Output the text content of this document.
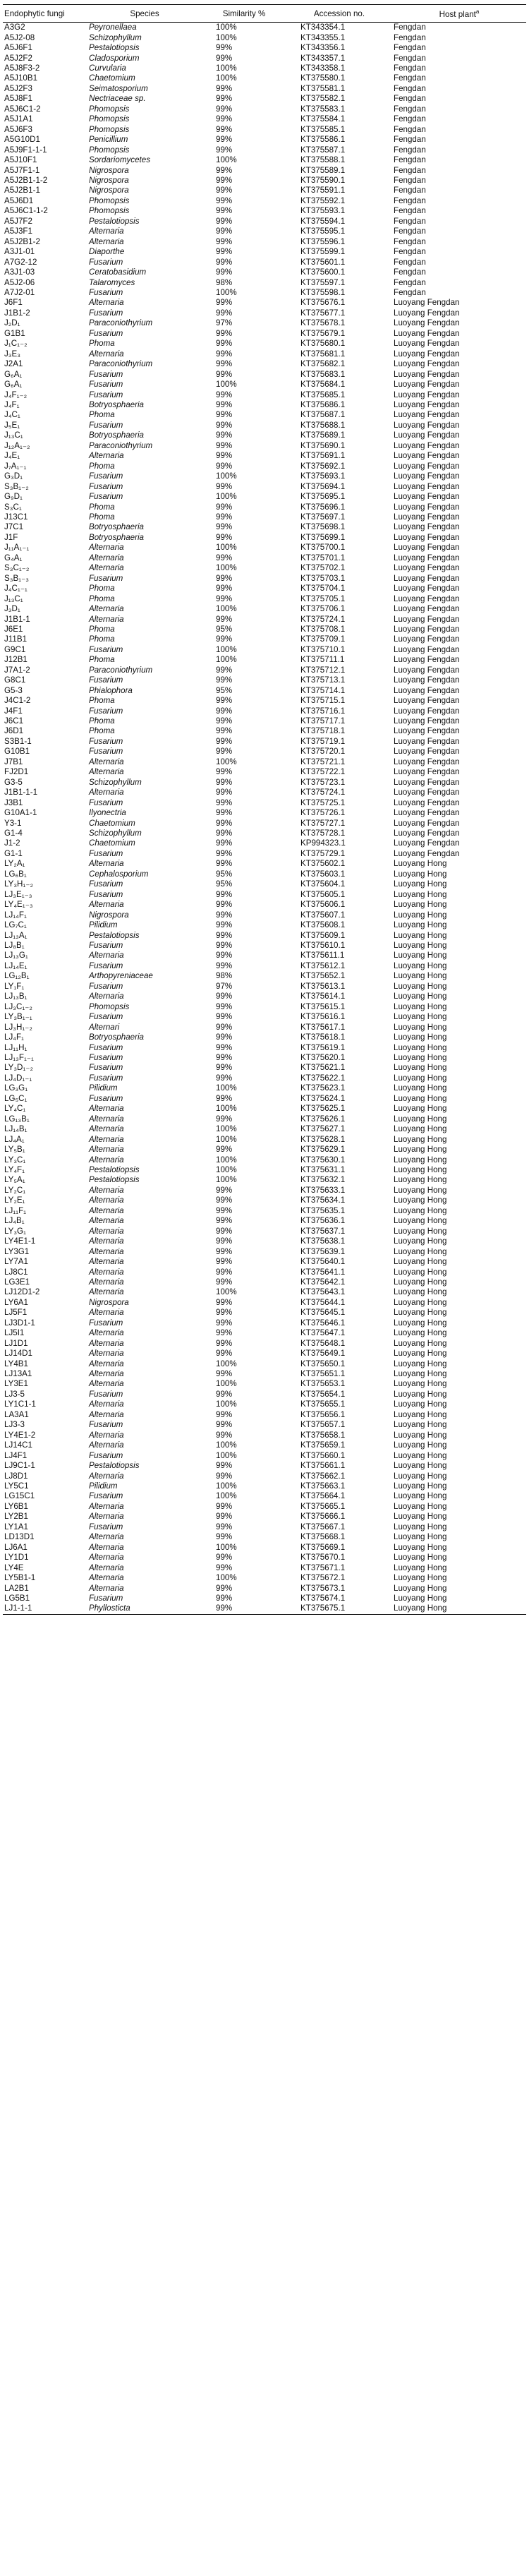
Endophytic fungi	Species	Similarity %	Accession no.	Host plant$^a$
A3G2	Peyronellaea	100%	KT343354.1	Fengdan
A5J2-08	Schizophyllum	100%	KT343355.1	Fengdan
A5J6F1	Pestalotiopsis	99%	KT343356.1	Fengdan
A5J2F2	Cladosporium	99%	KT343357.1	Fengdan
A5J8F3-2	Curvularia	100%	KT343358.1	Fengdan
A5J10B1	Chaetomium	100%	KT375580.1	Fengdan
A5J2F3	Seimatosporium	99%	KT375581.1	Fengdan
A5J8F1	Nectriaceae sp.	99%	KT375582.1	Fengdan
A5J6C1-2	Phomopsis	99%	KT375583.1	Fengdan
A5J1A1	Phomopsis	99%	KT375584.1	Fengdan
A5J6F3	Phomopsis	99%	KT375585.1	Fengdan
A5G10D1	Penicillium	99%	KT375586.1	Fengdan
A5J9F1-1-1	Phomopsis	99%	KT375587.1	Fengdan
A5J10F1	Sordariomycetes	100%	KT375588.1	Fengdan
A5J7F1-1	Nigrospora	99%	KT375589.1	Fengdan
A5J2B1-1-2	Nigrospora	99%	KT375590.1	Fengdan
A5J2B1-1	Nigrospora	99%	KT375591.1	Fengdan
A5J6D1	Phomopsis	99%	KT375592.1	Fengdan
A5J6C1-1-2	Phomopsis	99%	KT375593.1	Fengdan
A5J7F2	Pestalotiopsis	99%	KT375594.1	Fengdan
A5J3F1	Alternaria	99%	KT375595.1	Fengdan
A5J2B1-2	Alternaria	99%	KT375596.1	Fengdan
A3J1-01	Diaporthe	99%	KT375599.1	Fengdan
A7G2-12	Fusarium	99%	KT375601.1	Fengdan
A3J1-03	Ceratobasidium	99%	KT375600.1	Fengdan
A5J2-06	Talaromyces	98%	KT375597.1	Fengdan
A7J2-01	Fusarium	100%	KT375598.1	Fengdan
J6F1	Alternaria	99%	KT375676.1	Luoyang Fengdan
J1B1-2	Fusarium	99%	KT375677.1	Luoyang Fengdan
J₂D₁	Paraconiothyrium	97%	KT375678.1	Luoyang Fengdan
G1B1	Fusarium	99%	KT375679.1	Luoyang Fengdan
J₁C₁₋₂	Phoma	99%	KT375680.1	Luoyang Fengdan
J₃E₃	Alternaria	99%	KT375681.1	Luoyang Fengdan
J2A1	Paraconiothyrium	99%	KT375682.1	Luoyang Fengdan
G₆A₁	Fusarium	99%	KT375683.1	Luoyang Fengdan
G₆A₁	Fusarium	100%	KT375684.1	Luoyang Fengdan
J₄F₁₋₂	Fusarium	99%	KT375685.1	Luoyang Fengdan
J₄F₁	Botryosphaeria	99%	KT375686.1	Luoyang Fengdan
J₄C₁	Phoma	99%	KT375687.1	Luoyang Fengdan
J₅E₁	Fusarium	99%	KT375688.1	Luoyang Fengdan
J₁₃C₁	Botryosphaeria	99%	KT375689.1	Luoyang Fengdan
J₁₂A₁₋₂	Paraconiothyrium	99%	KT375690.1	Luoyang Fengdan
J₄E₁	Alternaria	99%	KT375691.1	Luoyang Fengdan
J₇A₁₋₁	Phoma	99%	KT375692.1	Luoyang Fengdan
G₃D₁	Fusarium	100%	KT375693.1	Luoyang Fengdan
S₃B₁₋₂	Fusarium	99%	KT375694.1	Luoyang Fengdan
G₉D₁	Fusarium	100%	KT375695.1	Luoyang Fengdan
S₃C₁	Phoma	99%	KT375696.1	Luoyang Fengdan
J13C1	Phoma	99%	KT375697.1	Luoyang Fengdan
J7C1	Botryosphaeria	99%	KT375698.1	Luoyang Fengdan
J1F	Botryosphaeria	99%	KT375699.1	Luoyang Fengdan
J₁₁A₁₋₁	Alternaria	100%	KT375700.1	Luoyang Fengdan
G₄A₁	Alternaria	99%	KT375701.1	Luoyang Fengdan
S₃C₁₋₂	Alternaria	100%	KT375702.1	Luoyang Fengdan
S₃B₁₋₃	Fusarium	99%	KT375703.1	Luoyang Fengdan
J₄C₁₋₁	Phoma	99%	KT375704.1	Luoyang Fengdan
J₁₃C₁	Phoma	99%	KT375705.1	Luoyang Fengdan
J₃D₁	Alternaria	100%	KT375706.1	Luoyang Fengdan
J1B1-1	Alternaria	99%	KT375724.1	Luoyang Fengdan
J6E1	Phoma	95%	KT375708.1	Luoyang Fengdan
J11B1	Phoma	99%	KT375709.1	Luoyang Fengdan
G9C1	Fusarium	100%	KT375710.1	Luoyang Fengdan
J12B1	Phoma	100%	KT375711.1	Luoyang Fengdan
J7A1-2	Paraconiothyrium	99%	KT375712.1	Luoyang Fengdan
G8C1	Fusarium	99%	KT375713.1	Luoyang Fengdan
G5-3	Phialophora	95%	KT375714.1	Luoyang Fengdan
J4C1-2	Phoma	99%	KT375715.1	Luoyang Fengdan
J4F1	Fusarium	99%	KT375716.1	Luoyang Fengdan
J6C1	Phoma	99%	KT375717.1	Luoyang Fengdan
J6D1	Phoma	99%	KT375718.1	Luoyang Fengdan
S3B1-1	Fusarium	99%	KT375719.1	Luoyang Fengdan
G10B1	Fusarium	99%	KT375720.1	Luoyang Fengdan
J7B1	Alternaria	100%	KT375721.1	Luoyang Fengdan
FJ2D1	Alternaria	99%	KT375722.1	Luoyang Fengdan
G3-5	Schizophyllum	99%	KT375723.1	Luoyang Fengdan
J1B1-1-1	Alternaria	99%	KT375724.1	Luoyang Fengdan
J3B1	Fusarium	99%	KT375725.1	Luoyang Fengdan
G10A1-1	Ilyonectria	99%	KT375726.1	Luoyang Fengdan
Y3-1	Chaetomium	99%	KT375727.1	Luoyang Fengdan
G1-4	Schizophyllum	99%	KT375728.1	Luoyang Fengdan
J1-2	Chaetomium	99%	KP994323.1	Luoyang Fengdan
G1-1	Fusarium	99%	KT375729.1	Luoyang Fengdan
LY₂A₁	Alternaria	99%	KT375602.1	Luoyang Hong
LG₆B₁	Cephalosporium	95%	KT375603.1	Luoyang Hong
LY₃H₁₋₂	Fusarium	95%	KT375604.1	Luoyang Hong
LJ₃E₁₋₃	Fusarium	99%	KT375605.1	Luoyang Hong
LY₄E₁₋₃	Alternaria	99%	KT375606.1	Luoyang Hong
LJ₁₄F₁	Nigrospora	99%	KT375607.1	Luoyang Hong
LG₇C₁	Pilidium	99%	KT375608.1	Luoyang Hong
LJ₁₃A₁	Pestalotiopsis	99%	KT375609.1	Luoyang Hong
LJ₈B₁	Fusarium	99%	KT375610.1	Luoyang Hong
LJ₁₃G₁	Alternaria	99%	KT375611.1	Luoyang Hong
LJ₁₄E₁	Fusarium	99%	KT375612.1	Luoyang Hong
LG₁₂B₁	Arthopyreniaceae	98%	KT375652.1	Luoyang Hong
LY₁F₁	Fusarium	97%	KT375613.1	Luoyang Hong
LJ₁₃B₁	Alternaria	99%	KT375614.1	Luoyang Hong
LJ₃C₁₋₂	Phomopsis	99%	KT375615.1	Luoyang Hong
LY₃B₁₋₁	Fusarium	99%	KT375616.1	Luoyang Hong
LJ₃H₁₋₂	Alternari	99%	KT375617.1	Luoyang Hong
LJ₄F₁	Botryosphaeria	99%	KT375618.1	Luoyang Hong
LJ₁₁H₁	Fusarium	99%	KT375619.1	Luoyang Hong
LJ₁₃F₁₋₁	Fusarium	99%	KT375620.1	Luoyang Hong
LY₃D₁₋₂	Fusarium	99%	KT375621.1	Luoyang Hong
LJ₄D₁₋₁	Fusarium	99%	KT375622.1	Luoyang Hong
LG₃G₁	Pilidium	100%	KT375623.1	Luoyang Hong
LG₅C₁	Fusarium	99%	KT375624.1	Luoyang Hong
LY₄C₁	Alternaria	100%	KT375625.1	Luoyang Hong
LG₁₃B₁	Alternaria	99%	KT375626.1	Luoyang Hong
LJ₁₄B₁	Alternaria	100%	KT375627.1	Luoyang Hong
LJ₄A₁	Alternaria	100%	KT375628.1	Luoyang Hong
LY₅B₁	Alternaria	99%	KT375629.1	Luoyang Hong
LY₃C₁	Alternaria	100%	KT375630.1	Luoyang Hong
LY₄F₁	Pestalotiopsis	100%	KT375631.1	Luoyang Hong
LY₅A₁	Pestalotiopsis	100%	KT375632.1	Luoyang Hong
LY₂C₁	Alternaria	99%	KT375633.1	Luoyang Hong
LY₂E₁	Alternaria	99%	KT375634.1	Luoyang Hong
LJ₁₁F₁	Alternaria	99%	KT375635.1	Luoyang Hong
LJ₄B₁	Alternaria	99%	KT375636.1	Luoyang Hong
LY₃G₁	Alternaria	99%	KT375637.1	Luoyang Hong
LY4E1-1	Alternaria	99%	KT375638.1	Luoyang Hong
LY3G1	Alternaria	99%	KT375639.1	Luoyang Hong
LY7A1	Alternaria	99%	KT375640.1	Luoyang Hong
LJ8C1	Alternaria	99%	KT375641.1	Luoyang Hong
LG3E1	Alternaria	99%	KT375642.1	Luoyang Hong
LJ12D1-2	Alternaria	100%	KT375643.1	Luoyang Hong
LY6A1	Nigrospora	99%	KT375644.1	Luoyang Hong
LJ5F1	Alternaria	99%	KT375645.1	Luoyang Hong
LJ3D1-1	Fusarium	99%	KT375646.1	Luoyang Hong
LJ5I1	Alternaria	99%	KT375647.1	Luoyang Hong
LJ1D1	Alternaria	99%	KT375648.1	Luoyang Hong
LJ14D1	Alternaria	99%	KT375649.1	Luoyang Hong
LY4B1	Alternaria	100%	KT375650.1	Luoyang Hong
LJ13A1	Alternaria	99%	KT375651.1	Luoyang Hong
LY3E1	Alternaria	100%	KT375653.1	Luoyang Hong
LJ3-5	Fusarium	99%	KT375654.1	Luoyang Hong
LY1C1-1	Alternaria	100%	KT375655.1	Luoyang Hong
LA3A1	Alternaria	99%	KT375656.1	Luoyang Hong
LJ3-3	Fusarium	99%	KT375657.1	Luoyang Hong
LY4E1-2	Alternaria	99%	KT375658.1	Luoyang Hong
LJ14C1	Alternaria	100%	KT375659.1	Luoyang Hong
LJ4F1	Fusarium	100%	KT375660.1	Luoyang Hong
LJ9C1-1	Pestalotiopsis	99%	KT375661.1	Luoyang Hong
LJ8D1	Alternaria	99%	KT375662.1	Luoyang Hong
LY5C1	Pilidium	100%	KT375663.1	Luoyang Hong
LG15C1	Fusarium	100%	KT375664.1	Luoyang Hong
LY6B1	Alternaria	99%	KT375665.1	Luoyang Hong
LY2B1	Alternaria	99%	KT375666.1	Luoyang Hong
LY1A1	Fusarium	99%	KT375667.1	Luoyang Hong
LD13D1	Alternaria	99%	KT375668.1	Luoyang Hong
LJ6A1	Alternaria	100%	KT375669.1	Luoyang Hong
LY1D1	Alternaria	99%	KT375670.1	Luoyang Hong
LY4E	Alternaria	99%	KT375671.1	Luoyang Hong
LY5B1-1	Alternaria	100%	KT375672.1	Luoyang Hong
LA2B1	Alternaria	99%	KT375673.1	Luoyang Hong
LG5B1	Fusarium	99%	KT375674.1	Luoyang Hong
LJ1-1-1	Phyllosticta	99%	KT375675.1	Luoyang Hong
